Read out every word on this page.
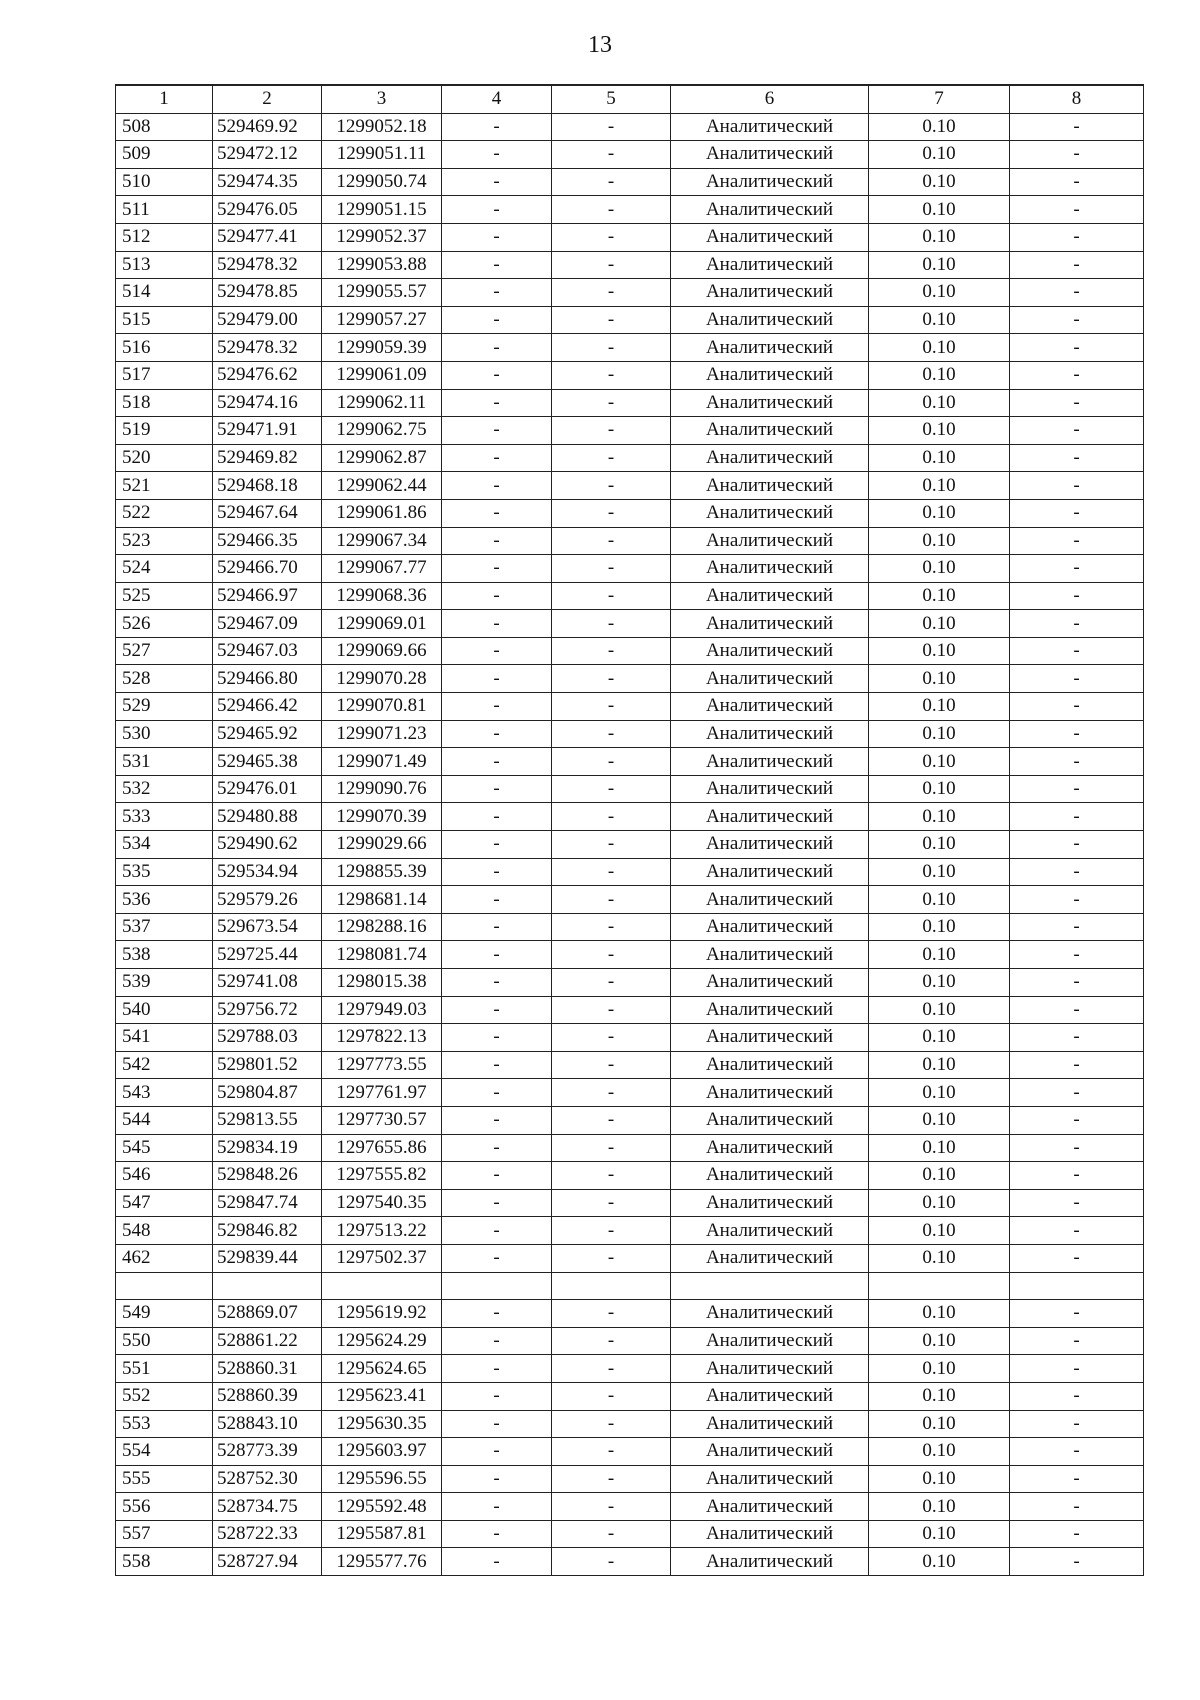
13
1	2	3	4	5	6	7	8
508	529469.92	1299052.18	-	-	Аналитический	0.10	-
509	529472.12	1299051.11	-	-	Аналитический	0.10	-
510	529474.35	1299050.74	-	-	Аналитический	0.10	-
511	529476.05	1299051.15	-	-	Аналитический	0.10	-
512	529477.41	1299052.37	-	-	Аналитический	0.10	-
513	529478.32	1299053.88	-	-	Аналитический	0.10	-
514	529478.85	1299055.57	-	-	Аналитический	0.10	-
515	529479.00	1299057.27	-	-	Аналитический	0.10	-
516	529478.32	1299059.39	-	-	Аналитический	0.10	-
517	529476.62	1299061.09	-	-	Аналитический	0.10	-
518	529474.16	1299062.11	-	-	Аналитический	0.10	-
519	529471.91	1299062.75	-	-	Аналитический	0.10	-
520	529469.82	1299062.87	-	-	Аналитический	0.10	-
521	529468.18	1299062.44	-	-	Аналитический	0.10	-
522	529467.64	1299061.86	-	-	Аналитический	0.10	-
523	529466.35	1299067.34	-	-	Аналитический	0.10	-
524	529466.70	1299067.77	-	-	Аналитический	0.10	-
525	529466.97	1299068.36	-	-	Аналитический	0.10	-
526	529467.09	1299069.01	-	-	Аналитический	0.10	-
527	529467.03	1299069.66	-	-	Аналитический	0.10	-
528	529466.80	1299070.28	-	-	Аналитический	0.10	-
529	529466.42	1299070.81	-	-	Аналитический	0.10	-
530	529465.92	1299071.23	-	-	Аналитический	0.10	-
531	529465.38	1299071.49	-	-	Аналитический	0.10	-
532	529476.01	1299090.76	-	-	Аналитический	0.10	-
533	529480.88	1299070.39	-	-	Аналитический	0.10	-
534	529490.62	1299029.66	-	-	Аналитический	0.10	-
535	529534.94	1298855.39	-	-	Аналитический	0.10	-
536	529579.26	1298681.14	-	-	Аналитический	0.10	-
537	529673.54	1298288.16	-	-	Аналитический	0.10	-
538	529725.44	1298081.74	-	-	Аналитический	0.10	-
539	529741.08	1298015.38	-	-	Аналитический	0.10	-
540	529756.72	1297949.03	-	-	Аналитический	0.10	-
541	529788.03	1297822.13	-	-	Аналитический	0.10	-
542	529801.52	1297773.55	-	-	Аналитический	0.10	-
543	529804.87	1297761.97	-	-	Аналитический	0.10	-
544	529813.55	1297730.57	-	-	Аналитический	0.10	-
545	529834.19	1297655.86	-	-	Аналитический	0.10	-
546	529848.26	1297555.82	-	-	Аналитический	0.10	-
547	529847.74	1297540.35	-	-	Аналитический	0.10	-
548	529846.82	1297513.22	-	-	Аналитический	0.10	-
462	529839.44	1297502.37	-	-	Аналитический	0.10	-

549	528869.07	1295619.92	-	-	Аналитический	0.10	-
550	528861.22	1295624.29	-	-	Аналитический	0.10	-
551	528860.31	1295624.65	-	-	Аналитический	0.10	-
552	528860.39	1295623.41	-	-	Аналитический	0.10	-
553	528843.10	1295630.35	-	-	Аналитический	0.10	-
554	528773.39	1295603.97	-	-	Аналитический	0.10	-
555	528752.30	1295596.55	-	-	Аналитический	0.10	-
556	528734.75	1295592.48	-	-	Аналитический	0.10	-
557	528722.33	1295587.81	-	-	Аналитический	0.10	-
558	528727.94	1295577.76	-	-	Аналитический	0.10	-
